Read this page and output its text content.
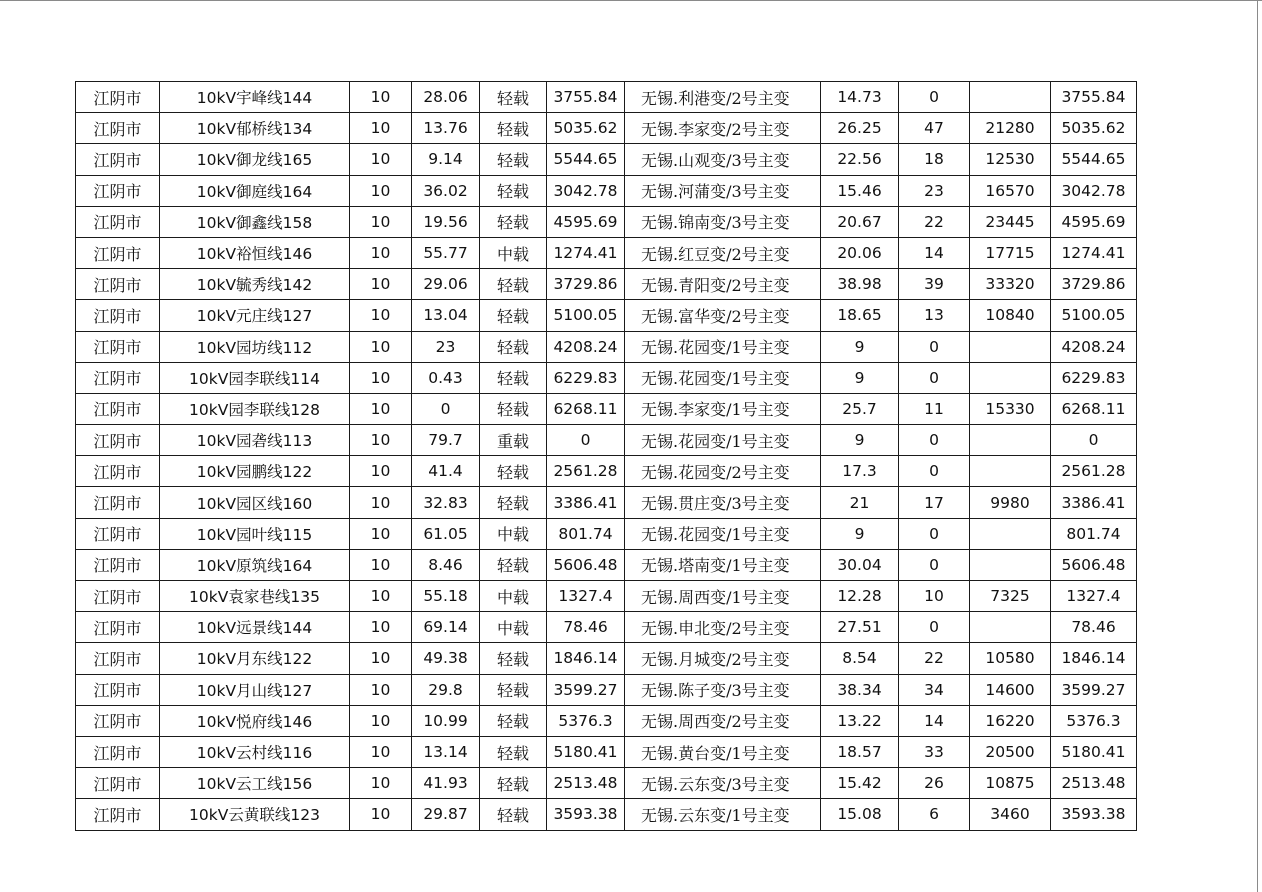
江阴市	10kV宇峰线144	10	28.06	轻载	3755.84	无锡.利港变/2号主变	14.73	0		3755.84
江阴市	10kV郁桥线134	10	13.76	轻载	5035.62	无锡.李家变/2号主变	26.25	47	21280	5035.62
江阴市	10kV御龙线165	10	9.14	轻载	5544.65	无锡.山观变/3号主变	22.56	18	12530	5544.65
江阴市	10kV御庭线164	10	36.02	轻载	3042.78	无锡.河蒲变/3号主变	15.46	23	16570	3042.78
江阴市	10kV御鑫线158	10	19.56	轻载	4595.69	无锡.锦南变/3号主变	20.67	22	23445	4595.69
江阴市	10kV裕恒线146	10	55.77	中载	1274.41	无锡.红豆变/2号主变	20.06	14	17715	1274.41
江阴市	10kV毓秀线142	10	29.06	轻载	3729.86	无锡.青阳变/2号主变	38.98	39	33320	3729.86
江阴市	10kV元庄线127	10	13.04	轻载	5100.05	无锡.富华变/2号主变	18.65	13	10840	5100.05
江阴市	10kV园坊线112	10	23	轻载	4208.24	无锡.花园变/1号主变	9	0		4208.24
江阴市	10kV园李联线114	10	0.43	轻载	6229.83	无锡.花园变/1号主变	9	0		6229.83
江阴市	10kV园李联线128	10	0	轻载	6268.11	无锡.李家变/1号主变	25.7	11	15330	6268.11
江阴市	10kV园砻线113	10	79.7	重载	0	无锡.花园变/1号主变	9	0		0
江阴市	10kV园鹏线122	10	41.4	轻载	2561.28	无锡.花园变/2号主变	17.3	0		2561.28
江阴市	10kV园区线160	10	32.83	轻载	3386.41	无锡.贯庄变/3号主变	21	17	9980	3386.41
江阴市	10kV园叶线115	10	61.05	中载	801.74	无锡.花园变/1号主变	9	0		801.74
江阴市	10kV原筑线164	10	8.46	轻载	5606.48	无锡.塔南变/1号主变	30.04	0		5606.48
江阴市	10kV袁家巷线135	10	55.18	中载	1327.4	无锡.周西变/1号主变	12.28	10	7325	1327.4
江阴市	10kV远景线144	10	69.14	中载	78.46	无锡.申北变/2号主变	27.51	0		78.46
江阴市	10kV月东线122	10	49.38	轻载	1846.14	无锡.月城变/2号主变	8.54	22	10580	1846.14
江阴市	10kV月山线127	10	29.8	轻载	3599.27	无锡.陈子变/3号主变	38.34	34	14600	3599.27
江阴市	10kV悦府线146	10	10.99	轻载	5376.3	无锡.周西变/2号主变	13.22	14	16220	5376.3
江阴市	10kV云村线116	10	13.14	轻载	5180.41	无锡.黄台变/1号主变	18.57	33	20500	5180.41
江阴市	10kV云工线156	10	41.93	轻载	2513.48	无锡.云东变/3号主变	15.42	26	10875	2513.48
江阴市	10kV云黄联线123	10	29.87	轻载	3593.38	无锡.云东变/1号主变	15.08	6	3460	3593.38
